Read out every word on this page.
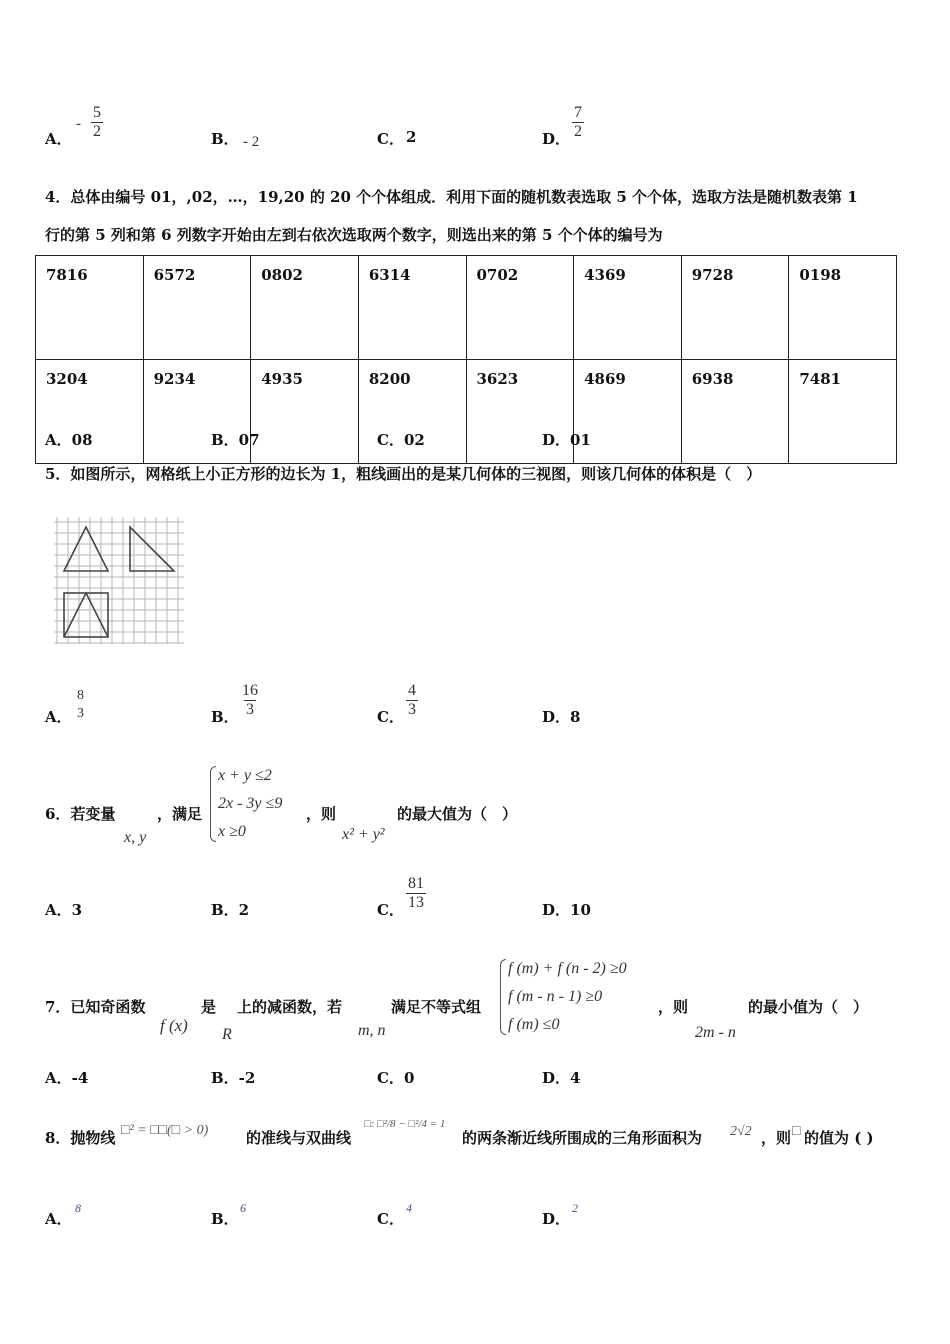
A．
- $\frac{5}{2}$	B． - 2	C． 2	D． $\frac{7}{2}$
4．总体由编号 01，,02，…，19,20 的 20 个个体组成．利用下面的随机数表选取 5 个个体，选取方法是随机数表第 1
行的第 5 列和第 6 列数字开始由左到右依次选取两个数字，则选出来的第 5 个个体的编号为
7816	6572	0802	6314	0702	4369	9728	0198
3204	9234	4935	8200	3623	4869	6938	7481
A．08	B．07	C．02	D．01
5．如图所示，网格纸上小正方形的边长为 1，粗线画出的是某几何体的三视图，则该几何体的体积是（　）
A．
8
3	B． $\frac{16}{3}$	C． $\frac{4}{3}$	D．8
6．若变量
x, y
，满足
x + y ≤2
2x - 3y ≤9
x ≥0
，则
x² + y²
的最大值为（　）
A．3	B．2	C． $\frac{81}{13}$	D．10
7．已知奇函数
f (x)
是
R
上的减函数，若
m, n
满足不等式组
f (m) + f (n - 2) ≥0
f (m - n - 1) ≥0
f (m) ≤0
，则
2m - n
的最小值为（　）
A．-4	B．-2	C．0	D．4
8．抛物线 □² = □□(□ > 0)	的准线与双曲线
□: □²/8 − □²/4 = 1
的两条渐近线所围成的三角形面积为 2√2 ，则 □ 的值为 ( )
A．
8
B．
6
C．
4
D．
2
